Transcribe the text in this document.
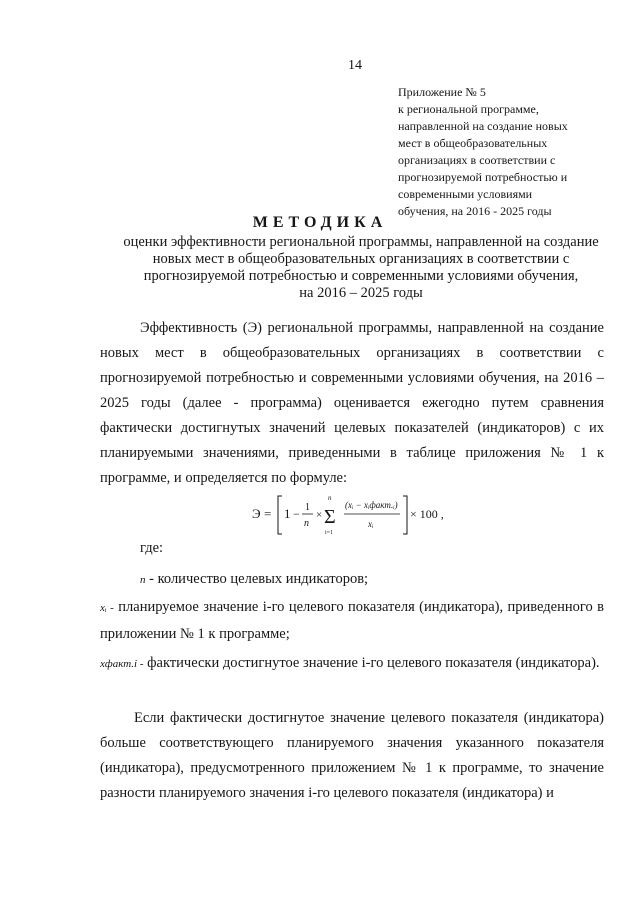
14
Приложение № 5
к региональной программе,
направленной на создание новых
мест в общеобразовательных
организациях в соответствии с
прогнозируемой потребностью и
современными условиями
обучения, на 2016 - 2025 годы
МЕТОДИКА
оценки эффективности региональной программы, направленной на создание
новых мест в общеобразовательных организациях в соответствии с
прогнозируемой потребностью и современными условиями обучения,
на 2016 – 2025 годы
Эффективность (Э) региональной программы, направленной на создание новых мест в общеобразовательных организациях в соответствии с прогнозируемой потребностью и современными условиями обучения, на 2016 – 2025 годы (далее - программа) оценивается ежегодно путем сравнения фактически достигнутых значений целевых показателей (индикаторов) с их планируемыми значениями, приведенными в таблице приложения № 1 к программе, и определяется по формуле:
Э = 1 − 1
n
×
n
Σ
i=1
(xᵢ − xᵢфакт.ᵢ)
xᵢ
× 100 ,
где:
n - количество целевых индикаторов;
xᵢ - планируемое значение i-го целевого показателя (индикатора), приведенного в приложении № 1 к программе;
xфакт.i - фактически достигнутое значение i-го целевого показателя (индикатора).
Если фактически достигнутое значение целевого показателя (индикатора) больше соответствующего планируемого значения указанного показателя (индикатора), предусмотренного приложением № 1 к программе, то значение разности планируемого значения i-го целевого показателя (индикатора) и
